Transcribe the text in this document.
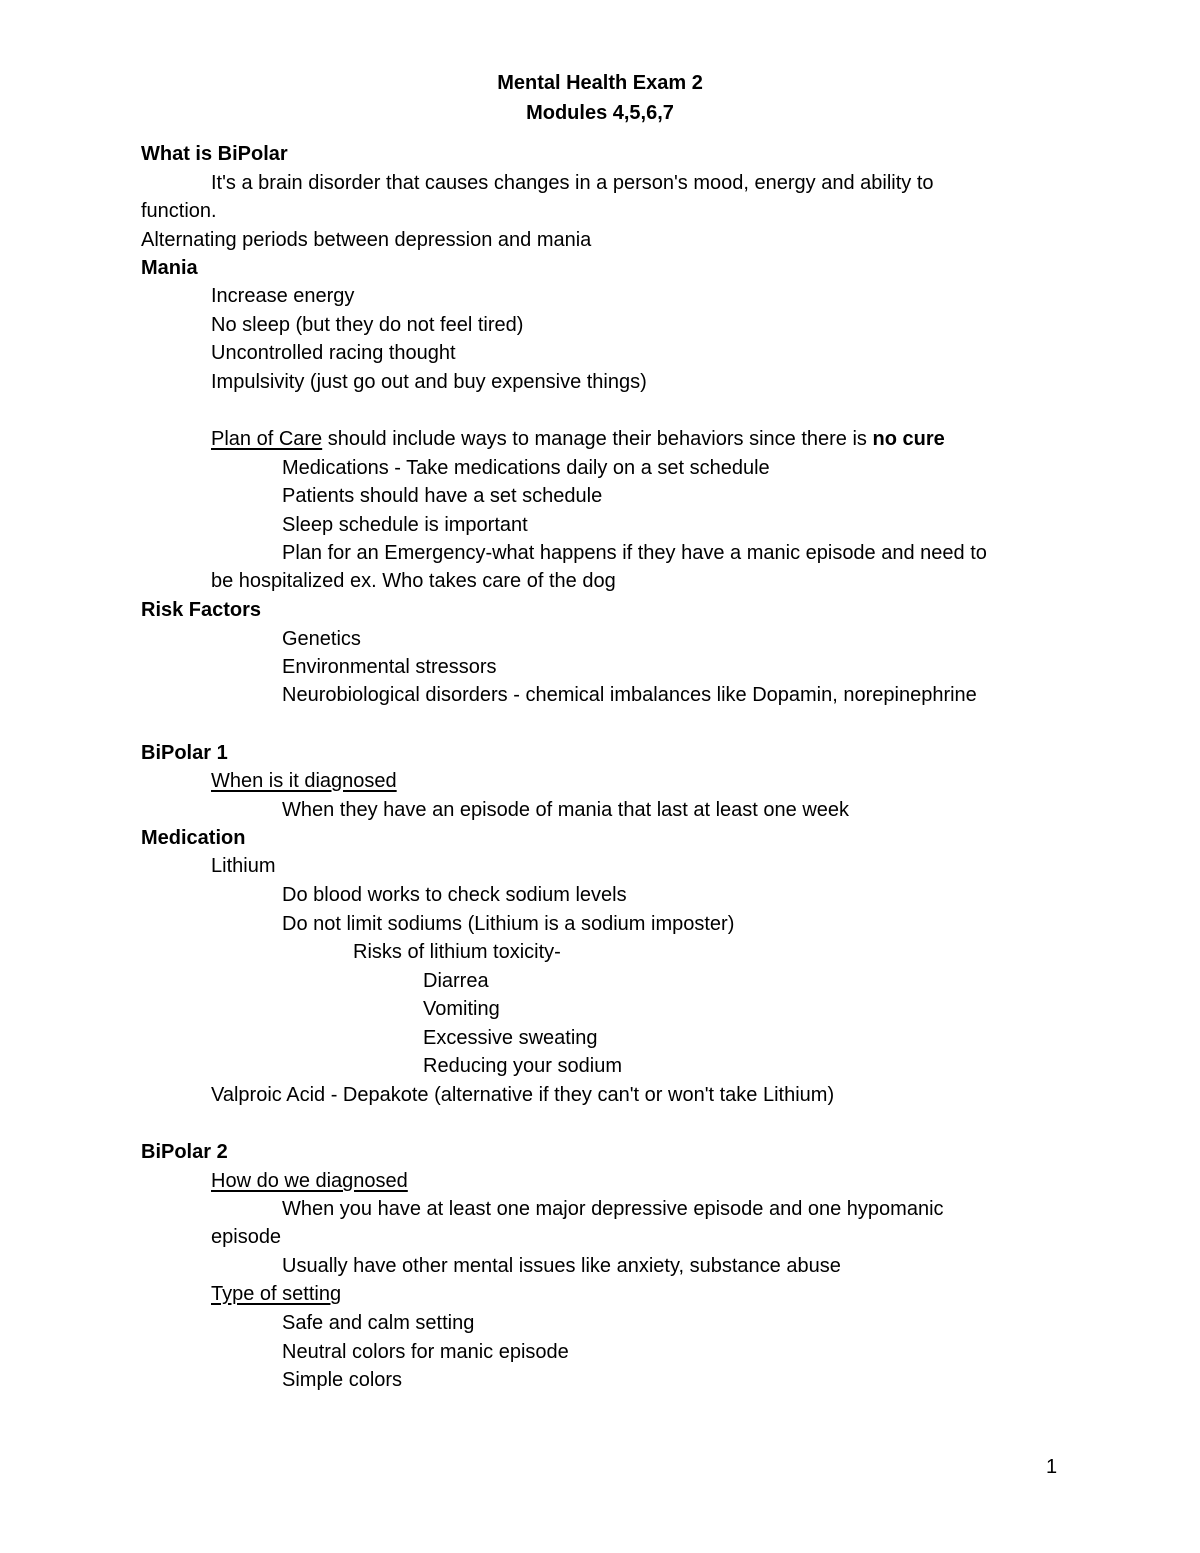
Mental Health Exam 2
Modules 4,5,6,7
What is BiPolar
It's a brain disorder that causes changes in a person's mood, energy and ability to
function.
Alternating periods between depression and mania
Mania
Increase energy
No sleep (but they do not feel tired)
Uncontrolled racing thought
Impulsivity (just go out and buy expensive things)
Plan of Care should include ways to manage their behaviors since there is no cure
Medications - Take medications daily on a set schedule
Patients should have a set schedule
Sleep schedule is important
Plan for an Emergency-what happens if they have a manic episode and need to
be hospitalized ex. Who takes care of the dog
Risk Factors
Genetics
Environmental stressors
Neurobiological disorders - chemical imbalances like Dopamin, norepinephrine
BiPolar 1
When is it diagnosed
When they have an episode of mania that last at least one week
Medication
Lithium
Do blood works to check sodium levels
Do not limit sodiums (Lithium is a sodium imposter)
Risks of lithium toxicity-
Diarrea
Vomiting
Excessive sweating
Reducing your sodium
Valproic Acid - Depakote (alternative if they can't or won't take Lithium)
BiPolar 2
How do we diagnosed
When you have at least one major depressive episode and one hypomanic
episode
Usually have other mental issues like anxiety, substance abuse
Type of setting
Safe and calm setting
Neutral colors for manic episode
Simple colors
1
